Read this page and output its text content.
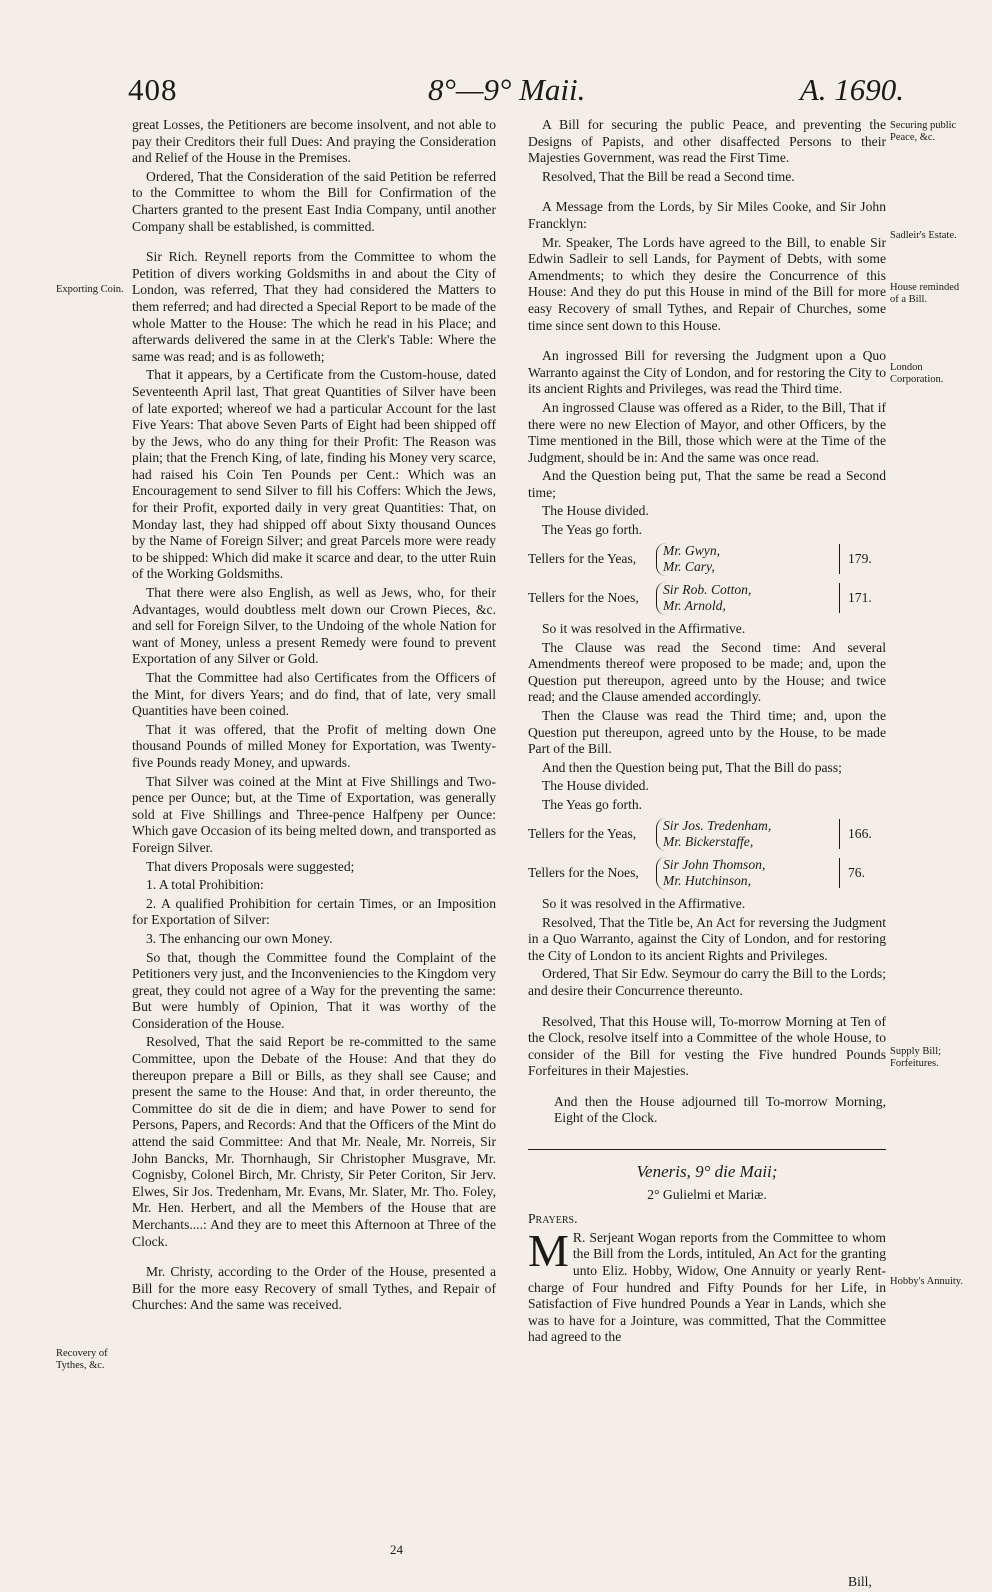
408	8°—9° Maii.	A. 1690.
Exporting Coin.
Recovery of Tythes, &c.
Securing public Peace, &c.
Sadleir's Estate.
House reminded of a Bill.
London Corporation.
Supply Bill; Forfeitures.
Hobby's Annuity.

great Losses, the Petitioners are become insolvent, and not able to pay their Creditors their full Dues: And praying the Consideration and Relief of the House in the Premises.

Ordered, That the Consideration of the said Petition be referred to the Committee to whom the Bill for Confirmation of the Charters granted to the present East India Company, until another Company shall be established, is committed.

Sir Rich. Reynell reports from the Committee to whom the Petition of divers working Goldsmiths in and about the City of London, was referred, That they had considered the Matters to them referred; and had directed a Special Report to be made of the whole Matter to the House: The which he read in his Place; and afterwards delivered the same in at the Clerk's Table: Where the same was read; and is as followeth;

That it appears, by a Certificate from the Custom-house, dated Seventeenth April last, That great Quantities of Silver have been of late exported; whereof we had a particular Account for the last Five Years: That above Seven Parts of Eight had been shipped off by the Jews, who do any thing for their Profit: The Reason was plain; that the French King, of late, finding his Money very scarce, had raised his Coin Ten Pounds per Cent.: Which was an Encouragement to send Silver to fill his Coffers: Which the Jews, for their Profit, exported daily in very great Quantities: That, on Monday last, they had shipped off about Sixty thousand Ounces by the Name of Foreign Silver; and great Parcels more were ready to be shipped: Which did make it scarce and dear, to the utter Ruin of the Working Goldsmiths.

That there were also English, as well as Jews, who, for their Advantages, would doubtless melt down our Crown Pieces, &c. and sell for Foreign Silver, to the Undoing of the whole Nation for want of Money, unless a present Remedy were found to prevent Exportation of any Silver or Gold.

That the Committee had also Certificates from the Officers of the Mint, for divers Years; and do find, that of late, very small Quantities have been coined.

That it was offered, that the Profit of melting down One thousand Pounds of milled Money for Exportation, was Twenty-five Pounds ready Money, and upwards.

That Silver was coined at the Mint at Five Shillings and Two-pence per Ounce; but, at the Time of Exportation, was generally sold at Five Shillings and Three-pence Halfpeny per Ounce: Which gave Occasion of its being melted down, and transported as Foreign Silver.

That divers Proposals were suggested;

1. A total Prohibition:

2. A qualified Prohibition for certain Times, or an Imposition for Exportation of Silver:

3. The enhancing our own Money.

So that, though the Committee found the Complaint of the Petitioners very just, and the Inconveniencies to the Kingdom very great, they could not agree of a Way for the preventing the same: But were humbly of Opinion, That it was worthy of the Consideration of the House.

Resolved, That the said Report be re-committed to the same Committee, upon the Debate of the House: And that they do thereupon prepare a Bill or Bills, as they shall see Cause; and present the same to the House: And that, in order thereunto, the Committee do sit de die in diem; and have Power to send for Persons, Papers, and Records: And that the Officers of the Mint do attend the said Committee: And that Mr. Neale, Mr. Norreis, Sir John Bancks, Mr. Thornhaugh, Sir Christopher Musgrave, Mr. Cognisby, Colonel Birch, Mr. Christy, Sir Peter Coriton, Sir Jerv. Elwes, Sir Jos. Tredenham, Mr. Evans, Mr. Slater, Mr. Tho. Foley, Mr. Hen. Herbert, and all the Members of the House that are Merchants....: And they are to meet this Afternoon at Three of the Clock.

Mr. Christy, according to the Order of the House, presented a Bill for the more easy Recovery of small Tythes, and Repair of Churches: And the same was received.

A Bill for securing the public Peace, and preventing the Designs of Papists, and other disaffected Persons to their Majesties Government, was read the First Time.

Resolved, That the Bill be read a Second time.

A Message from the Lords, by Sir Miles Cooke, and Sir John Francklyn:

Mr. Speaker, The Lords have agreed to the Bill, to enable Sir Edwin Sadleir to sell Lands, for Payment of Debts, with some Amendments; to which they desire the Concurrence of this House: And they do put this House in mind of the Bill for more easy Recovery of small Tythes, and Repair of Churches, some time since sent down to this House.

An ingrossed Bill for reversing the Judgment upon a Quo Warranto against the City of London, and for restoring the City to its ancient Rights and Privileges, was read the Third time.

An ingrossed Clause was offered as a Rider, to the Bill, That if there were no new Election of Mayor, and other Officers, by the Time mentioned in the Bill, those which were at the Time of the Judgment, should be in: And the same was once read.

And the Question being put, That the same be read a Second time;

The House divided.

The Yeas go forth.

Tellers for the Yeas,
Mr. Gwyn,
Mr. Cary,
179.
Tellers for the Noes,
Sir Rob. Cotton,
Mr. Arnold,
171.

So it was resolved in the Affirmative.

The Clause was read the Second time: And several Amendments thereof were proposed to be made; and, upon the Question put thereupon, agreed unto by the House; and twice read; and the Clause amended accordingly.

Then the Clause was read the Third time; and, upon the Question put thereupon, agreed unto by the House, to be made Part of the Bill.

And then the Question being put, That the Bill do pass;

The House divided.

The Yeas go forth.

Tellers for the Yeas,
Sir Jos. Tredenham,
Mr. Bickerstaffe,
166.
Tellers for the Noes,
Sir John Thomson,
Mr. Hutchinson,
76.

So it was resolved in the Affirmative.

Resolved, That the Title be, An Act for reversing the Judgment in a Quo Warranto, against the City of London, and for restoring the City of London to its ancient Rights and Privileges.

Ordered, That Sir Edw. Seymour do carry the Bill to the Lords; and desire their Concurrence thereunto.

Resolved, That this House will, To-morrow Morning at Ten of the Clock, resolve itself into a Committee of the whole House, to consider of the Bill for vesting the Five hundred Pounds Forfeitures in their Majesties.

And then the House adjourned till To-morrow Morning, Eight of the Clock.

Veneris, 9° die Maii;

2° Gulielmi et Mariæ.

Prayers.

M R. Serjeant Wogan reports from the Committee to whom the Bill from the Lords, intituled, An Act for the granting unto Eliz. Hobby, Widow, One Annuity or yearly Rent-charge of Four hundred and Fifty Pounds for her Life, in Satisfaction of Five hundred Pounds a Year in Lands, which she was to have for a Jointure, was committed, That the Committee had agreed to the

24
Bill,
